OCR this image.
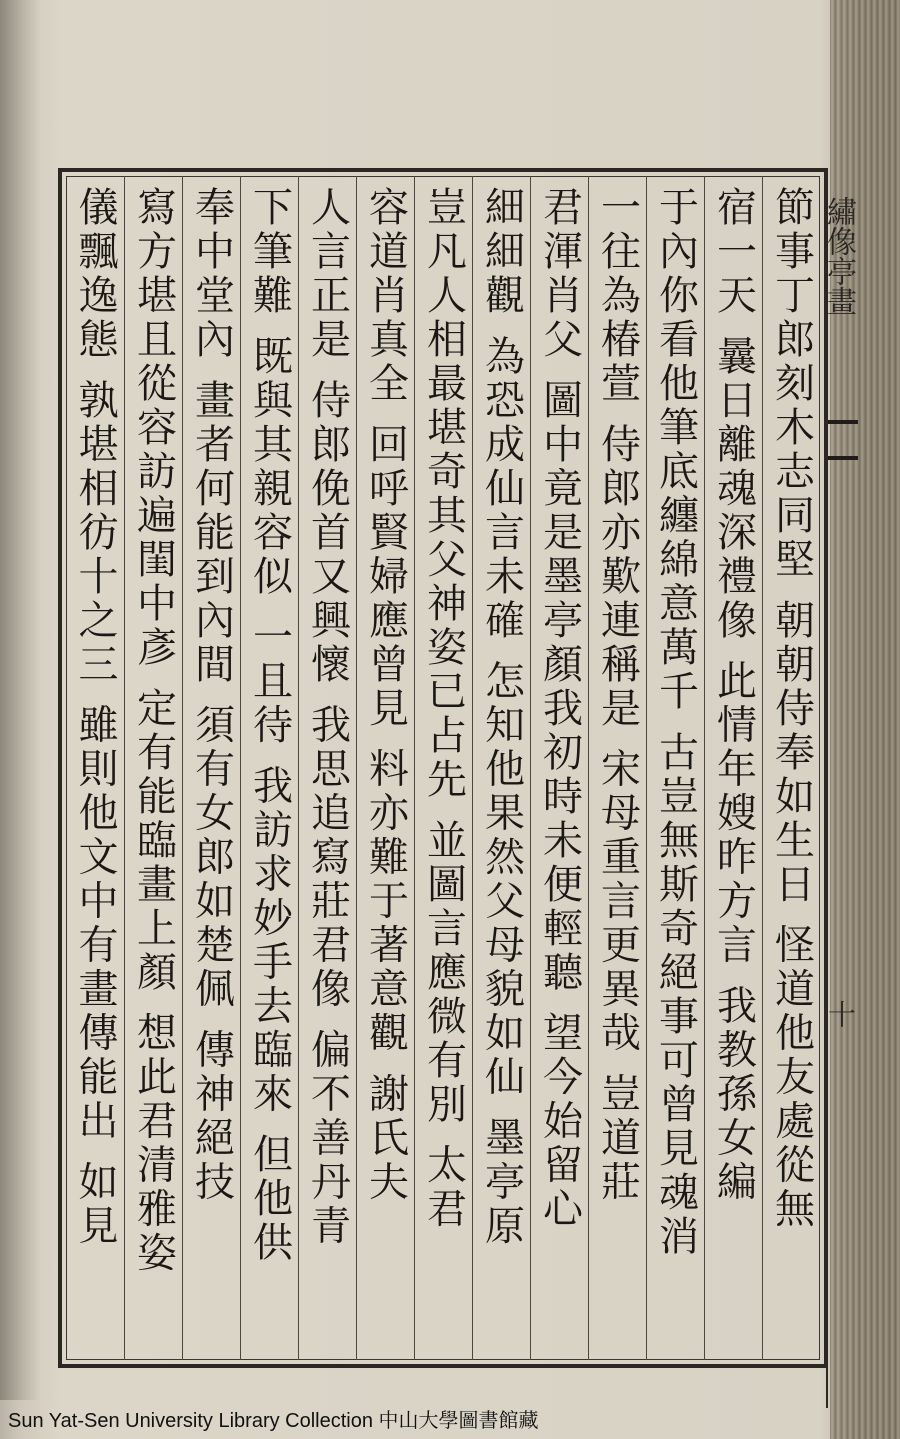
繡像亭畫
十
節事丁郎刻木志同堅 朝朝侍奉如生日 怪道他友處從無
宿一天 曩日離魂深禮像 此情年嫂昨方言 我教孫女編
于內你看他筆底纏綿意萬千 古豈無斯奇絕事可曾見魂消
一往為椿萱 侍郎亦歎連稱是 宋母重言更異哉 豈道莊
君渾肖父 圖中竟是墨亭顏我初時未便輕聽 望今始留心
細細觀 為恐成仙言未確 怎知他果然父母貌如仙 墨亭原
豈凡人相最堪奇其父神姿已占先 並圖言應微有別 太君
容道肖真全 回呼賢婦應曾見 料亦難于著意觀 謝氏夫
人言正是 侍郎俛首又興懷 我思追寫莊君像 偏不善丹青
下筆難 既與其親容似 一且待 我訪求妙手去臨來 但他供
奉中堂內 畫者何能到內間 須有女郎如楚佩 傳神絕技
寫方堪且從容訪遍閨中彥 定有能臨畫上顏 想此君清雅姿
儀飄逸態 孰堪相彷十之三 雖則他文中有畫傳能出 如見
Sun Yat-Sen University Library Collection 中山大學圖書館藏
